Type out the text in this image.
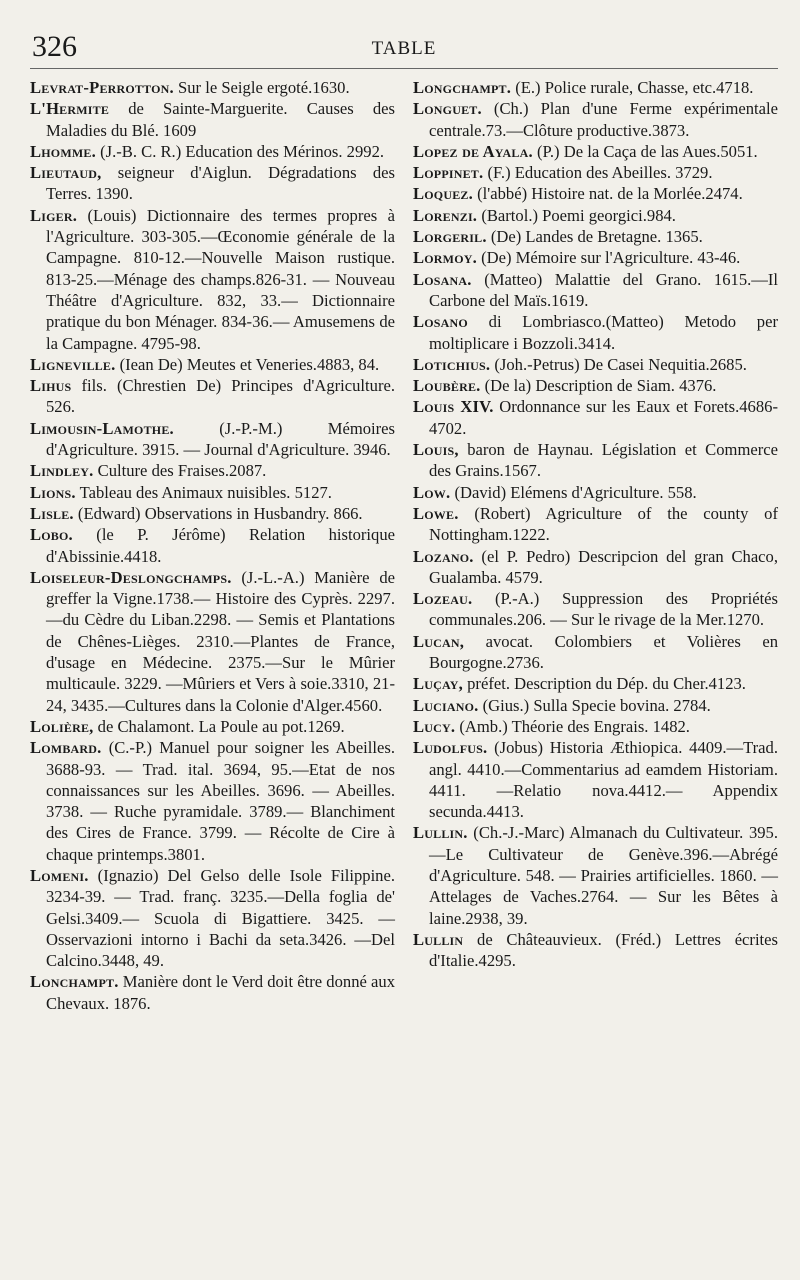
326	TABLE

Levrat-Perrotton. Sur le Seigle ergoté.1630.

L'Hermite de Sainte-Marguerite. Causes des Maladies du Blé. 1609

Lhomme. (J.-B. C. R.) Education des Mérinos. 2992.

Lieutaud, seigneur d'Aiglun. Dégradations des Terres. 1390.

Liger. (Louis) Dictionnaire des termes propres à l'Agriculture. 303-305.—Œconomie générale de la Campagne. 810-12.—Nouvelle Maison rustique. 813-25.—Ménage des champs.826-31. — Nouveau Théâtre d'Agriculture. 832, 33.— Dictionnaire pratique du bon Ménager. 834-36.— Amusemens de la Campagne. 4795-98.

Ligneville. (Iean De) Meutes et Veneries.4883, 84.

Lihus fils. (Chrestien De) Principes d'Agriculture. 526.

Limousin-Lamothe. (J.-P.-M.) Mémoires d'Agriculture. 3915. — Journal d'Agriculture. 3946.

Lindley. Culture des Fraises.2087.

Lions. Tableau des Animaux nuisibles. 5127.

Lisle. (Edward) Observations in Husbandry. 866.

Lobo. (le P. Jérôme) Relation historique d'Abissinie.4418.

Loiseleur-Deslongchamps. (J.-L.-A.) Manière de greffer la Vigne.1738.— Histoire des Cyprès. 2297.—du Cèdre du Liban.2298. — Semis et Plantations de Chênes-Lièges. 2310.—Plantes de France, d'usage en Médecine. 2375.—Sur le Mûrier multicaule. 3229. —Mûriers et Vers à soie.3310, 21-24, 3435.—Cultures dans la Colonie d'Alger.4560.

Lolière, de Chalamont. La Poule au pot.1269.

Lombard. (C.-P.) Manuel pour soigner les Abeilles. 3688-93. — Trad. ital. 3694, 95.—Etat de nos connaissances sur les Abeilles. 3696. — Abeilles. 3738. — Ruche pyramidale. 3789.— Blanchiment des Cires de France. 3799. — Récolte de Cire à chaque printemps.3801.

Lomeni. (Ignazio) Del Gelso delle Isole Filippine. 3234-39. — Trad. franç. 3235.—Della foglia de' Gelsi.3409.— Scuola di Bigattiere. 3425. — Osservazioni intorno i Bachi da seta.3426. —Del Calcino.3448, 49.

Lonchampt. Manière dont le Verd doit être donné aux Chevaux. 1876.

Longchampt. (E.) Police rurale, Chasse, etc.4718.

Longuet. (Ch.) Plan d'une Ferme expérimentale centrale.73.—Clôture productive.3873.

Lopez de Ayala. (P.) De la Caça de las Aues.5051.

Loppinet. (F.) Education des Abeilles. 3729.

Loquez. (l'abbé) Histoire nat. de la Morlée.2474.

Lorenzi. (Bartol.) Poemi georgici.984.

Lorgeril. (De) Landes de Bretagne. 1365.

Lormoy. (De) Mémoire sur l'Agriculture. 43-46.

Losana. (Matteo) Malattie del Grano. 1615.—Il Carbone del Maïs.1619.

Losano di Lombriasco.(Matteo) Metodo per moltiplicare i Bozzoli.3414.

Lotichius. (Joh.-Petrus) De Casei Nequitia.2685.

Loubère. (De la) Description de Siam. 4376.

Louis XIV. Ordonnance sur les Eaux et Forets.4686-4702.

Louis, baron de Haynau. Législation et Commerce des Grains.1567.

Low. (David) Elémens d'Agriculture. 558.

Lowe. (Robert) Agriculture of the county of Nottingham.1222.

Lozano. (el P. Pedro) Descripcion del gran Chaco, Gualamba. 4579.

Lozeau. (P.-A.) Suppression des Propriétés communales.206. — Sur le rivage de la Mer.1270.

Lucan, avocat. Colombiers et Volières en Bourgogne.2736.

Luçay, préfet. Description du Dép. du Cher.4123.

Luciano. (Gius.) Sulla Specie bovina. 2784.

Lucy. (Amb.) Théorie des Engrais. 1482.

Ludolfus. (Jobus) Historia Æthiopica. 4409.—Trad. angl. 4410.—Commentarius ad eamdem Historiam. 4411. —Relatio nova.4412.— Appendix secunda.4413.

Lullin. (Ch.-J.-Marc) Almanach du Cultivateur. 395.—Le Cultivateur de Genève.396.—Abrégé d'Agriculture. 548. — Prairies artificielles. 1860. — Attelages de Vaches.2764. — Sur les Bêtes à laine.2938, 39.

Lullin de Châteauvieux. (Fréd.) Lettres écrites d'Italie.4295.
